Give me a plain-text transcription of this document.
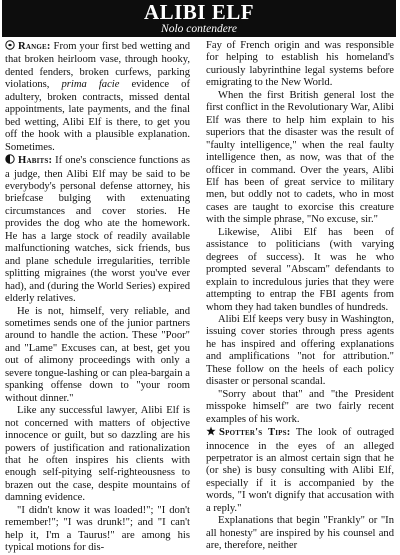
ALIBI ELF
Nolo contendere

Range: From your first bed wetting and that broken heirloom vase, through hooky, dented fenders, broken curfews, parking violations, prima facie evidence of adultery, broken contracts, missed dental appointments, late payments, and the final bed wetting, Alibi Elf is there, to get you off the hook with a plausible explanation. Sometimes.

Habits: If one's conscience functions as a judge, then Alibi Elf may be said to be everybody's personal defense attorney, his briefcase bulging with extenuating circumstances and cover stories. He provides the dog who ate the homework. He has a large stock of readily available malfunctioning watches, sick friends, bus and plane schedule irregularities, terrible splitting migraines (the worst you've ever had), and (during the World Series) expired elderly relatives.

He is not, himself, very reliable, and sometimes sends one of the junior partners around to handle the action. These "Poor" and "Lame" Excuses can, at best, get you out of alimony proceedings with only a severe tongue-lashing or can plea-bargain a spanking offense down to "your room without dinner."

Like any successful lawyer, Alibi Elf is not concerned with matters of objective innocence or guilt, but so dazzling are his powers of justification and rationalization that he often inspires his clients with enough self-pitying self-righteousness to brazen out the case, despite mountains of damning evidence.

"I didn't know it was loaded!"; "I don't remember!"; "I was drunk!"; and "I can't help it, I'm a Taurus!" are among his typical motions for dis-

Fay of French origin and was responsible for helping to establish his homeland's curiously labyrinthine legal systems before emigrating to the New World.

When the first British general lost the first conflict in the Revolutionary War, Alibi Elf was there to help him explain to his superiors that the disaster was the result of "faulty intelligence," when the real faulty intelligence then, as now, was that of the officer in command. Over the years, Alibi Elf has been of great service to military men, but oddly not to cadets, who in most cases are taught to exorcise this creature with the simple phrase, "No excuse, sir."

Likewise, Alibi Elf has been of assistance to politicians (with varying degrees of success). It was he who prompted several "Abscam" defendants to explain to incredulous juries that they were attempting to entrap the FBI agents from whom they had taken bundles of hundreds.

Alibi Elf keeps very busy in Washington, issuing cover stories through press agents he has inspired and offering explanations and amplifications "not for attribution." These follow on the heels of each policy disaster or personal scandal.

"Sorry about that" and "the President misspoke himself" are two fairly recent examples of his work.

Spotter's Tips: The look of outraged innocence in the eyes of an alleged perpetrator is an almost certain sign that he (or she) is busy consulting with Alibi Elf, especially if it is accompanied by the words, "I won't dignify that accusation with a reply."

Explanations that begin "Frankly" or "In all honesty" are inspired by his counsel and are, therefore, neither
